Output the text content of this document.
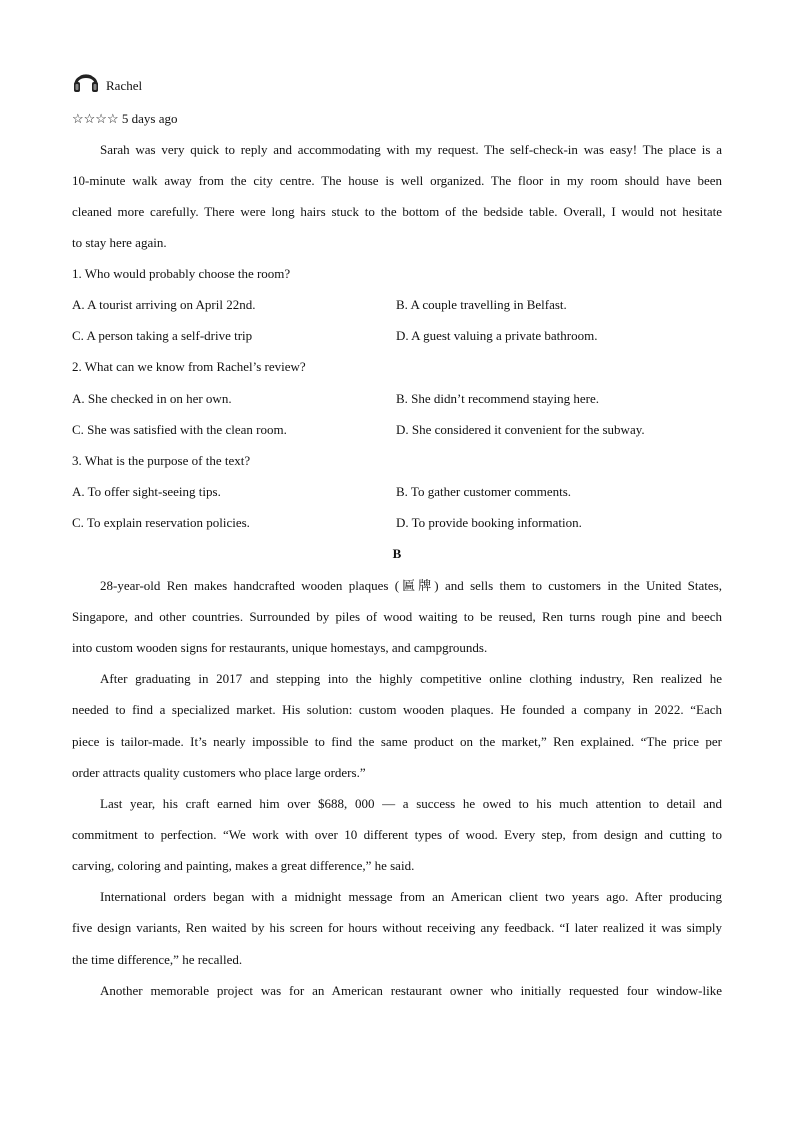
Rachel
☆☆☆☆ 5 days ago
Sarah was very quick to reply and accommodating with my request. The self-check-in was easy! The place is a
10-minute walk away from the city centre. The house is well organized. The floor in my room should have been
cleaned more carefully. There were long hairs stuck to the bottom of the bedside table. Overall, I would not hesitate
to stay here again.
1. Who would probably choose the room?
A. A tourist arriving on April 22nd.	B. A couple travelling in Belfast.
C. A person taking a self-drive trip	D. A guest valuing a private bathroom.
2. What can we know from Rachel’s review?
A. She checked in on her own.	B. She didn’t recommend staying here.
C. She was satisfied with the clean room.	D. She considered it convenient for the subway.
3. What is the purpose of the text?
A. To offer sight-seeing tips.	B. To gather customer comments.
C. To explain reservation policies.	D. To provide booking information.
B
28-year-old Ren makes handcrafted wooden plaques (匾牌) and sells them to customers in the United States,
Singapore, and other countries. Surrounded by piles of wood waiting to be reused, Ren turns rough pine and beech
into custom wooden signs for restaurants, unique homestays, and campgrounds.
After graduating in 2017 and stepping into the highly competitive online clothing industry, Ren realized he
needed to find a specialized market. His solution: custom wooden plaques. He founded a company in 2022. “Each
piece is tailor-made. It’s nearly impossible to find the same product on the market,” Ren explained. “The price per
order attracts quality customers who place large orders.”
Last year, his craft earned him over $688, 000 — a success he owed to his much attention to detail and
commitment to perfection. “We work with over 10 different types of wood. Every step, from design and cutting to
carving, coloring and painting, makes a great difference,” he said.
International orders began with a midnight message from an American client two years ago. After producing
five design variants, Ren waited by his screen for hours without receiving any feedback. “I later realized it was simply
the time difference,” he recalled.
Another memorable project was for an American restaurant owner who initially requested four window-like
